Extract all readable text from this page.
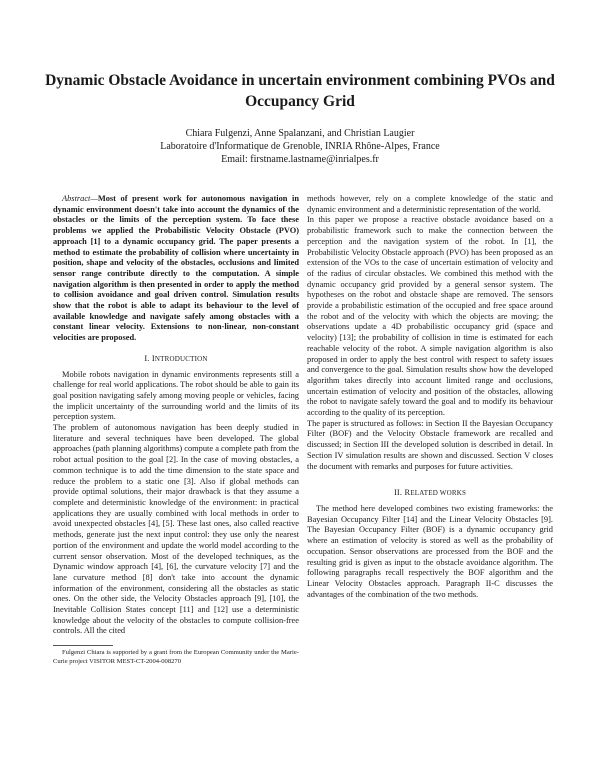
Dynamic Obstacle Avoidance in uncertain environment combining PVOs and Occupancy Grid
Chiara Fulgenzi, Anne Spalanzani, and Christian Laugier
Laboratoire d'Informatique de Grenoble, INRIA Rhône-Alpes, France
Email: firstname.lastname@inrialpes.fr

Abstract—Most of present work for autonomous navigation in dynamic environment doesn't take into account the dynamics of the obstacles or the limits of the perception system. To face these problems we applied the Probabilistic Velocity Obstacle (PVO) approach [1] to a dynamic occupancy grid. The paper presents a method to estimate the probability of collision where uncertainty in position, shape and velocity of the obstacles, occlusions and limited sensor range contribute directly to the computation. A simple navigation algorithm is then presented in order to apply the method to collision avoidance and goal driven control. Simulation results show that the robot is able to adapt its behaviour to the level of available knowledge and navigate safely among obstacles with a constant linear velocity. Extensions to non-linear, non-constant velocities are proposed.

I. INTRODUCTION

Mobile robots navigation in dynamic environments represents still a challenge for real world applications. The robot should be able to gain its goal position navigating safely among moving people or vehicles, facing the implicit uncertainty of the surrounding world and the limits of its perception system.

The problem of autonomous navigation has been deeply studied in literature and several techniques have been developed. The global approaches (path planning algorithms) compute a complete path from the robot actual position to the goal [2]. In the case of moving obstacles, a common technique is to add the time dimension to the state space and reduce the problem to a static one [3]. Also if global methods can provide optimal solutions, their major drawback is that they assume a complete and deterministic knowledge of the environment: in practical applications they are usually combined with local methods in order to avoid unexpected obstacles [4], [5]. These last ones, also called reactive methods, generate just the next input control: they use only the nearest portion of the environment and update the world model according to the current sensor observation. Most of the developed techniques, as the Dynamic window approach [4], [6], the curvature velocity [7] and the lane curvature method [8] don't take into account the dynamic information of the environment, considering all the obstacles as static ones. On the other side, the Velocity Obstacles approach [9], [10], the Inevitable Collision States concept [11] and [12] use a deterministic knowledge about the velocity of the obstacles to compute collision-free controls. All the cited

Fulgenzi Chiara is supported by a grant from the European Community under the Marie-Curie project VISITOR MEST-CT-2004-008270

methods however, rely on a complete knowledge of the static and dynamic environment and a deterministic representation of the world.

In this paper we propose a reactive obstacle avoidance based on a probabilistic framework such to make the connection between the perception and the navigation system of the robot. In [1], the Probabilistic Velocity Obstacle approach (PVO) has been proposed as an extension of the VOs to the case of uncertain estimation of velocity and of the radius of circular obstacles. We combined this method with the dynamic occupancy grid provided by a general sensor system. The hypotheses on the robot and obstacle shape are removed. The sensors provide a probabilistic estimation of the occupied and free space around the robot and of the velocity with which the objects are moving; the observations update a 4D probabilistic occupancy grid (space and velocity) [13]; the probability of collision in time is estimated for each reachable velocity of the robot. A simple navigation algorithm is also proposed in order to apply the best control with respect to safety issues and convergence to the goal. Simulation results show how the developed algorithm takes directly into account limited range and occlusions, uncertain estimation of velocity and position of the obstacles, allowing the robot to navigate safely toward the goal and to modify its behaviour according to the quality of its perception.

The paper is structured as follows: in Section II the Bayesian Occupancy Filter (BOF) and the Velocity Obstacle framework are recalled and discussed; in Section III the developed solution is described in detail. In Section IV simulation results are shown and discussed. Section V closes the document with remarks and purposes for future activities.

II. RELATED WORKS

The method here developed combines two existing frameworks: the Bayesian Occupancy Filter [14] and the Linear Velocity Obstacles [9]. The Bayesian Occupancy Filter (BOF) is a dynamic occupancy grid where an estimation of velocity is stored as well as the probability of occupation. Sensor observations are processed from the BOF and the resulting grid is given as input to the obstacle avoidance algorithm. The following paragraphs recall respectively the BOF algorithm and the Linear Velocity Obstacles approach. Paragraph II-C discusses the advantages of the combination of the two methods.
